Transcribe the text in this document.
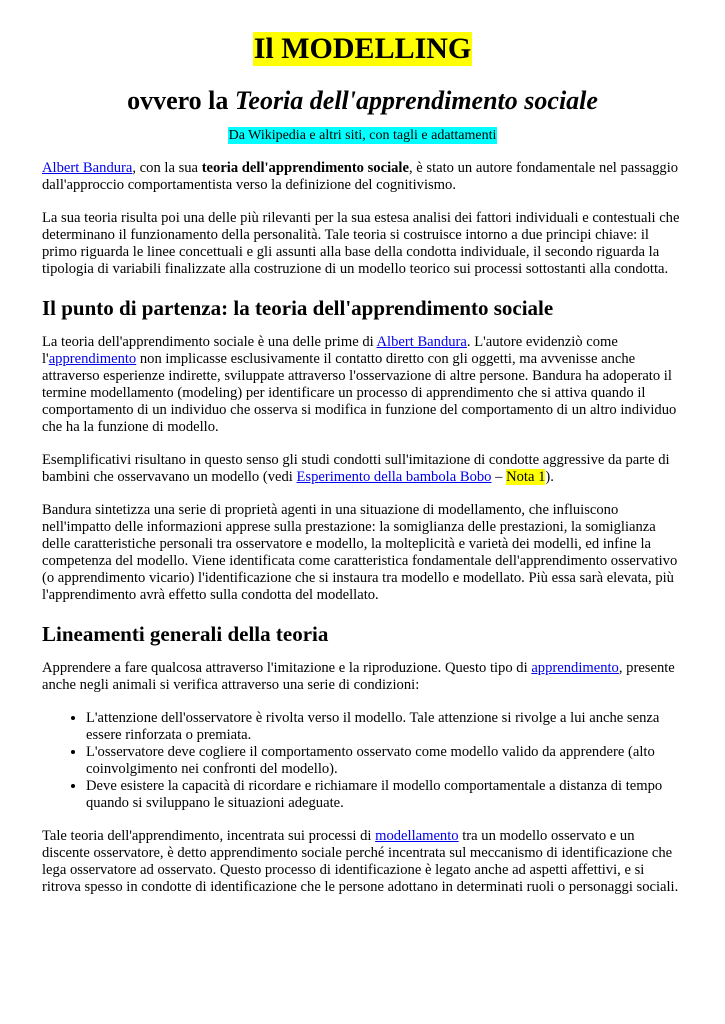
Il MODELLING
ovvero la Teoria dell'apprendimento sociale
Da Wikipedia e altri siti, con tagli e adattamenti

Albert Bandura, con la sua teoria dell'apprendimento sociale, è stato un autore fondamentale nel passaggio dall'approccio comportamentista verso la definizione del cognitivismo.

La sua teoria risulta poi una delle più rilevanti per la sua estesa analisi dei fattori individuali e contestuali che determinano il funzionamento della personalità. Tale teoria si costruisce intorno a due principi chiave: il primo riguarda le linee concettuali e gli assunti alla base della condotta individuale, il secondo riguarda la tipologia di variabili finalizzate alla costruzione di un modello teorico sui processi sottostanti alla condotta.

Il punto di partenza: la teoria dell'apprendimento sociale

La teoria dell'apprendimento sociale è una delle prime di Albert Bandura. L'autore evidenziò come l'apprendimento non implicasse esclusivamente il contatto diretto con gli oggetti, ma avvenisse anche attraverso esperienze indirette, sviluppate attraverso l'osservazione di altre persone. Bandura ha adoperato il termine modellamento (modeling) per identificare un processo di apprendimento che si attiva quando il comportamento di un individuo che osserva si modifica in funzione del comportamento di un altro individuo che ha la funzione di modello.

Esemplificativi risultano in questo senso gli studi condotti sull'imitazione di condotte aggressive da parte di bambini che osservavano un modello (vedi Esperimento della bambola Bobo – Nota 1).

Bandura sintetizza una serie di proprietà agenti in una situazione di modellamento, che influiscono nell'impatto delle informazioni apprese sulla prestazione: la somiglianza delle prestazioni, la somiglianza delle caratteristiche personali tra osservatore e modello, la molteplicità e varietà dei modelli, ed infine la competenza del modello. Viene identificata come caratteristica fondamentale dell'apprendimento osservativo (o apprendimento vicario) l'identificazione che si instaura tra modello e modellato. Più essa sarà elevata, più l'apprendimento avrà effetto sulla condotta del modellato.

Lineamenti generali della teoria

Apprendere a fare qualcosa attraverso l'imitazione e la riproduzione. Questo tipo di apprendimento, presente anche negli animali si verifica attraverso una serie di condizioni:

• L'attenzione dell'osservatore è rivolta verso il modello. Tale attenzione si rivolge a lui anche senza essere rinforzata o premiata.
• L'osservatore deve cogliere il comportamento osservato come modello valido da apprendere (alto coinvolgimento nei confronti del modello).
• Deve esistere la capacità di ricordare e richiamare il modello comportamentale a distanza di tempo quando si sviluppano le situazioni adeguate.

Tale teoria dell'apprendimento, incentrata sui processi di modellamento tra un modello osservato e un discente osservatore, è detto apprendimento sociale perché incentrata sul meccanismo di identificazione che lega osservatore ad osservato. Questo processo di identificazione è legato anche ad aspetti affettivi, e si ritrova spesso in condotte di identificazione che le persone adottano in determinati ruoli o personaggi sociali.
